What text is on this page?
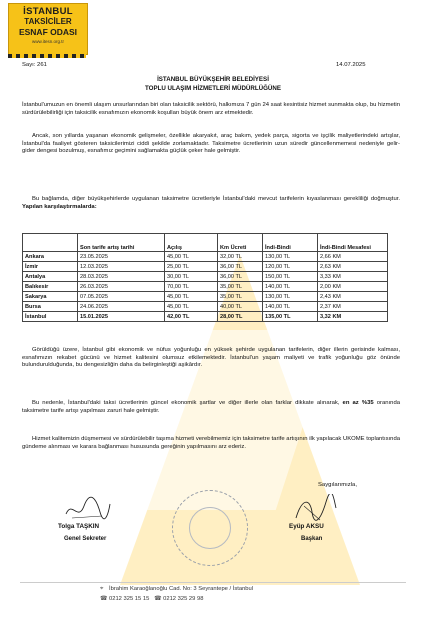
İSTANBUL
TAKSİCİLER
ESNAF ODASI
www.itesn.org.tr
Sayı: 261	14.07.2025
İSTANBUL BÜYÜKŞEHİR BELEDİYESİ
TOPLU ULAŞIM HİZMETLERİ MÜDÜRLÜĞÜNE
İstanbul'umuzun en önemli ulaşım unsurlarından biri olan taksicilik sektörü, halkımıza 7 gün 24 saat kesintisiz hizmet sunmakta olup, bu hizmetin sürdürülebilirliği için taksicilik esnafımızın ekonomik koşulları büyük önem arz etmektedir.
Ancak, son yıllarda yaşanan ekonomik gelişmeler, özellikle akaryakıt, araç bakım, yedek parça, sigorta ve işçilik maliyetlerindeki artışlar, İstanbul'da faaliyet gösteren taksicilerimizi ciddi şekilde zorlamaktadır. Taksimetre ücretlerinin uzun süredir güncellenmemesi nedeniyle gelir-gider dengesi bozulmuş, esnafımız geçimini sağlamakta güçlük çeker hale gelmiştir.
Bu bağlamda, diğer büyükşehirlerde uygulanan taksimetre ücretleriyle İstanbul'daki mevcut tarifelerin kıyaslanması gerekliliği doğmuştur. Yapılan karşılaştırmalarda:
	Son tarife artış tarihi	Açılış	Km Ücreti	İndi-Bindi	İndi-Bindi Mesafesi
Ankara	23.05.2025	45,00 TL	32,00 TL	130,00 TL	2,66 KM
İzmir	12.03.2025	25,00 TL	36,00 TL	120,00 TL	2,63 KM
Antalya	28.03.2025	30,00 TL	36,00 TL	150,00 TL	3,33 KM
Balıkesir	26.03.2025	70,00 TL	35,00 TL	140,00 TL	2,00 KM
Sakarya	07.05.2025	45,00 TL	35,00 TL	130,00 TL	2,43 KM
Bursa	24.06.2025	45,00 TL	40,00 TL	140,00 TL	2,37 KM
İstanbul	15.01.2025	42,00 TL	28,00 TL	135,00 TL	3,32 KM
Görüldüğü üzere, İstanbul gibi ekonomik ve nüfus yoğunluğu en yüksek şehirde uygulanan tarifelerin, diğer illerin gerisinde kalması, esnafımızın rekabet gücünü ve hizmet kalitesini olumsuz etkilemektedir. İstanbul'un yaşam maliyeti ve trafik yoğunluğu göz önünde bulundurulduğunda, bu dengesizliğin daha da belirginleştiği aşikârdır.
Bu nedenle, İstanbul'daki taksi ücretlerinin güncel ekonomik şartlar ve diğer illerle olan farklar dikkate alınarak, en az %35 oranında taksimetre tarife artışı yapılması zaruri hale gelmiştir.
Hizmet kalitemizin düşmemesi ve sürdürülebilir taşıma hizmeti verebilmemiz için taksimetre tarife artışının ilk yapılacak UKOME toplantısında gündeme alınması ve karara bağlanması hususunda gereğinin yapılmasını arz ederiz.
Saygılarımızla,
Tolga TAŞKIN
Genel Sekreter
Eyüp AKSU
Başkan
⌖ İbrahim Karaoğlanoğlu Cad. No: 3 Seyrantepe / İstanbul
☎ 0212 325 15 15 ☎ 0212 325 29 98
